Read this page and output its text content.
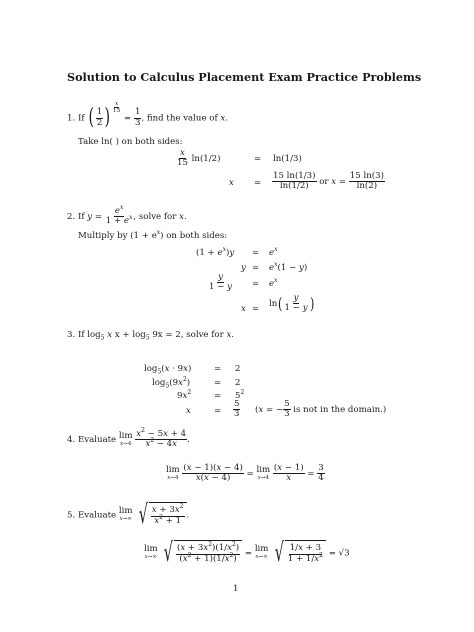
Solution to Calculus Placement Exam Practice Problems
1. If ( $\frac{1}{2}$ ) $^{\frac{x}{15}}$
= $\frac{1}{3}$ , find the value of x.
Take ln( ) on both sides:
$\frac{x}{15} \ln(1/2)$	= ln(1/3)
$x = \frac{15 \ln(1/3)}{\ln(1/2)}$ or $x = \frac{15 \ln(3)}{\ln(2)}$
2. If $y = \frac{e^x}{1 + e^x}$ , solve for x.
Multiply by $(1 + e^x)$ on both sides:
$(1 + e^x)y = e^x$
$y = e^x(1 - y)$
$\frac{y}{1 - y} = e^x$
$x = \ln( \frac{y}{1 - y}$ )
3. If $\log_5 x$ $x + \log_5 9x = 2$, solve for x.
$\log_5(x \cdot 9x)$	= 2
$\log_5(9x^2)$	= 2
$9x^2$	= $5^2$
x	= $\frac{5}{3} (x$ = − $\frac{5}{3}$ is not in the domain.)
4. Evaluate lim
x→4
$\frac{x^2 - 5x + 4}{x^2 - 4x}$ .
lim
x→4
$\frac{(x - 1)(x - 4)}{x(x - 4)} = \lim$
x→4
$\frac{(x - 1)}{x} = \frac{3}{4}$
5. Evaluate lim
x→∞
√ $\frac{x + 3x^2}{x^2 + 1}$ .
lim
x→∞
√ $\frac{(x + 3x^2)(1/x^2)}{(x^2 + 1)(1/x^2)} = \lim$
x→∞
√ $\frac{1/x + 3}{1 + 1/x^2} = √3$
1
